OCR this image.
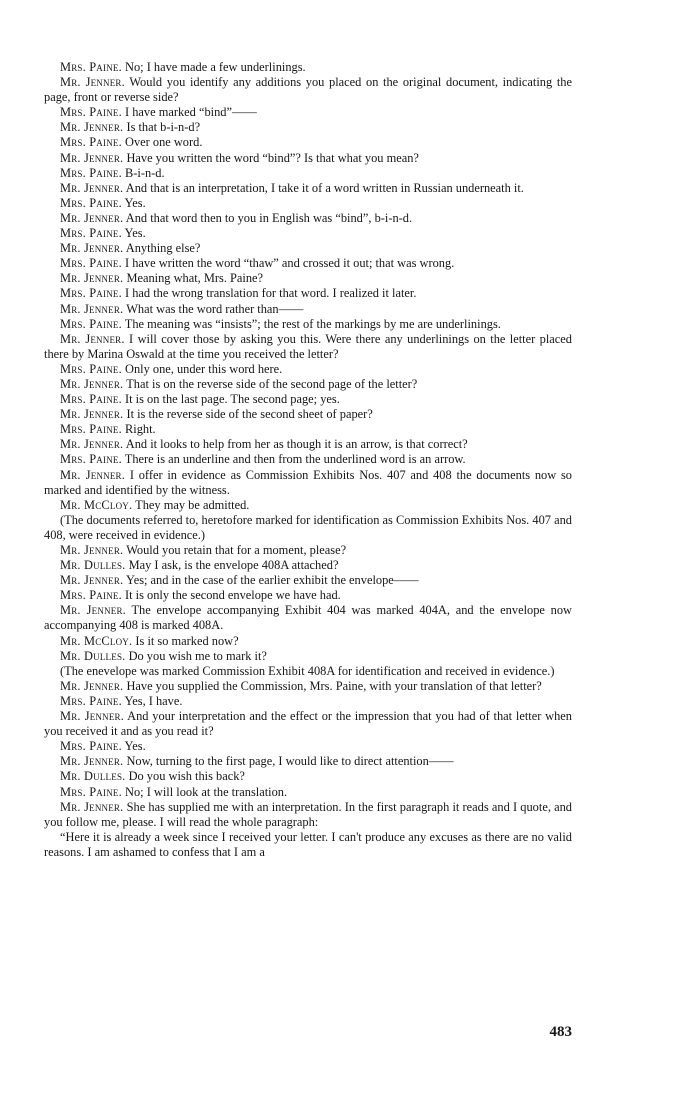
Mrs. Paine. No; I have made a few underlinings.

Mr. Jenner. Would you identify any additions you placed on the original document, indicating the page, front or reverse side?

Mrs. Paine. I have marked “bind”——

Mr. Jenner. Is that b-i-n-d?

Mrs. Paine. Over one word.

Mr. Jenner. Have you written the word “bind”? Is that what you mean?

Mrs. Paine. B-i-n-d.

Mr. Jenner. And that is an interpretation, I take it of a word written in Russian underneath it.

Mrs. Paine. Yes.

Mr. Jenner. And that word then to you in English was “bind”, b-i-n-d.

Mrs. Paine. Yes.

Mr. Jenner. Anything else?

Mrs. Paine. I have written the word “thaw” and crossed it out; that was wrong.

Mr. Jenner. Meaning what, Mrs. Paine?

Mrs. Paine. I had the wrong translation for that word. I realized it later.

Mr. Jenner. What was the word rather than——

Mrs. Paine. The meaning was “insists”; the rest of the markings by me are underlinings.

Mr. Jenner. I will cover those by asking you this. Were there any underlinings on the letter placed there by Marina Oswald at the time you received the letter?

Mrs. Paine. Only one, under this word here.

Mr. Jenner. That is on the reverse side of the second page of the letter?

Mrs. Paine. It is on the last page. The second page; yes.

Mr. Jenner. It is the reverse side of the second sheet of paper?

Mrs. Paine. Right.

Mr. Jenner. And it looks to help from her as though it is an arrow, is that correct?

Mrs. Paine. There is an underline and then from the underlined word is an arrow.

Mr. Jenner. I offer in evidence as Commission Exhibits Nos. 407 and 408 the documents now so marked and identified by the witness.

Mr. McCloy. They may be admitted.

(The documents referred to, heretofore marked for identification as Commission Exhibits Nos. 407 and 408, were received in evidence.)

Mr. Jenner. Would you retain that for a moment, please?

Mr. Dulles. May I ask, is the envelope 408A attached?

Mr. Jenner. Yes; and in the case of the earlier exhibit the envelope——

Mrs. Paine. It is only the second envelope we have had.

Mr. Jenner. The envelope accompanying Exhibit 404 was marked 404A, and the envelope now accompanying 408 is marked 408A.

Mr. McCloy. Is it so marked now?

Mr. Dulles. Do you wish me to mark it?

(The enevelope was marked Commission Exhibit 408A for identification and received in evidence.)

Mr. Jenner. Have you supplied the Commission, Mrs. Paine, with your translation of that letter?

Mrs. Paine. Yes, I have.

Mr. Jenner. And your interpretation and the effect or the impression that you had of that letter when you received it and as you read it?

Mrs. Paine. Yes.

Mr. Jenner. Now, turning to the first page, I would like to direct attention——

Mr. Dulles. Do you wish this back?

Mrs. Paine. No; I will look at the translation.

Mr. Jenner. She has supplied me with an interpretation. In the first paragraph it reads and I quote, and you follow me, please. I will read the whole paragraph:

“Here it is already a week since I received your letter. I can't produce any excuses as there are no valid reasons. I am ashamed to confess that I am a

483
